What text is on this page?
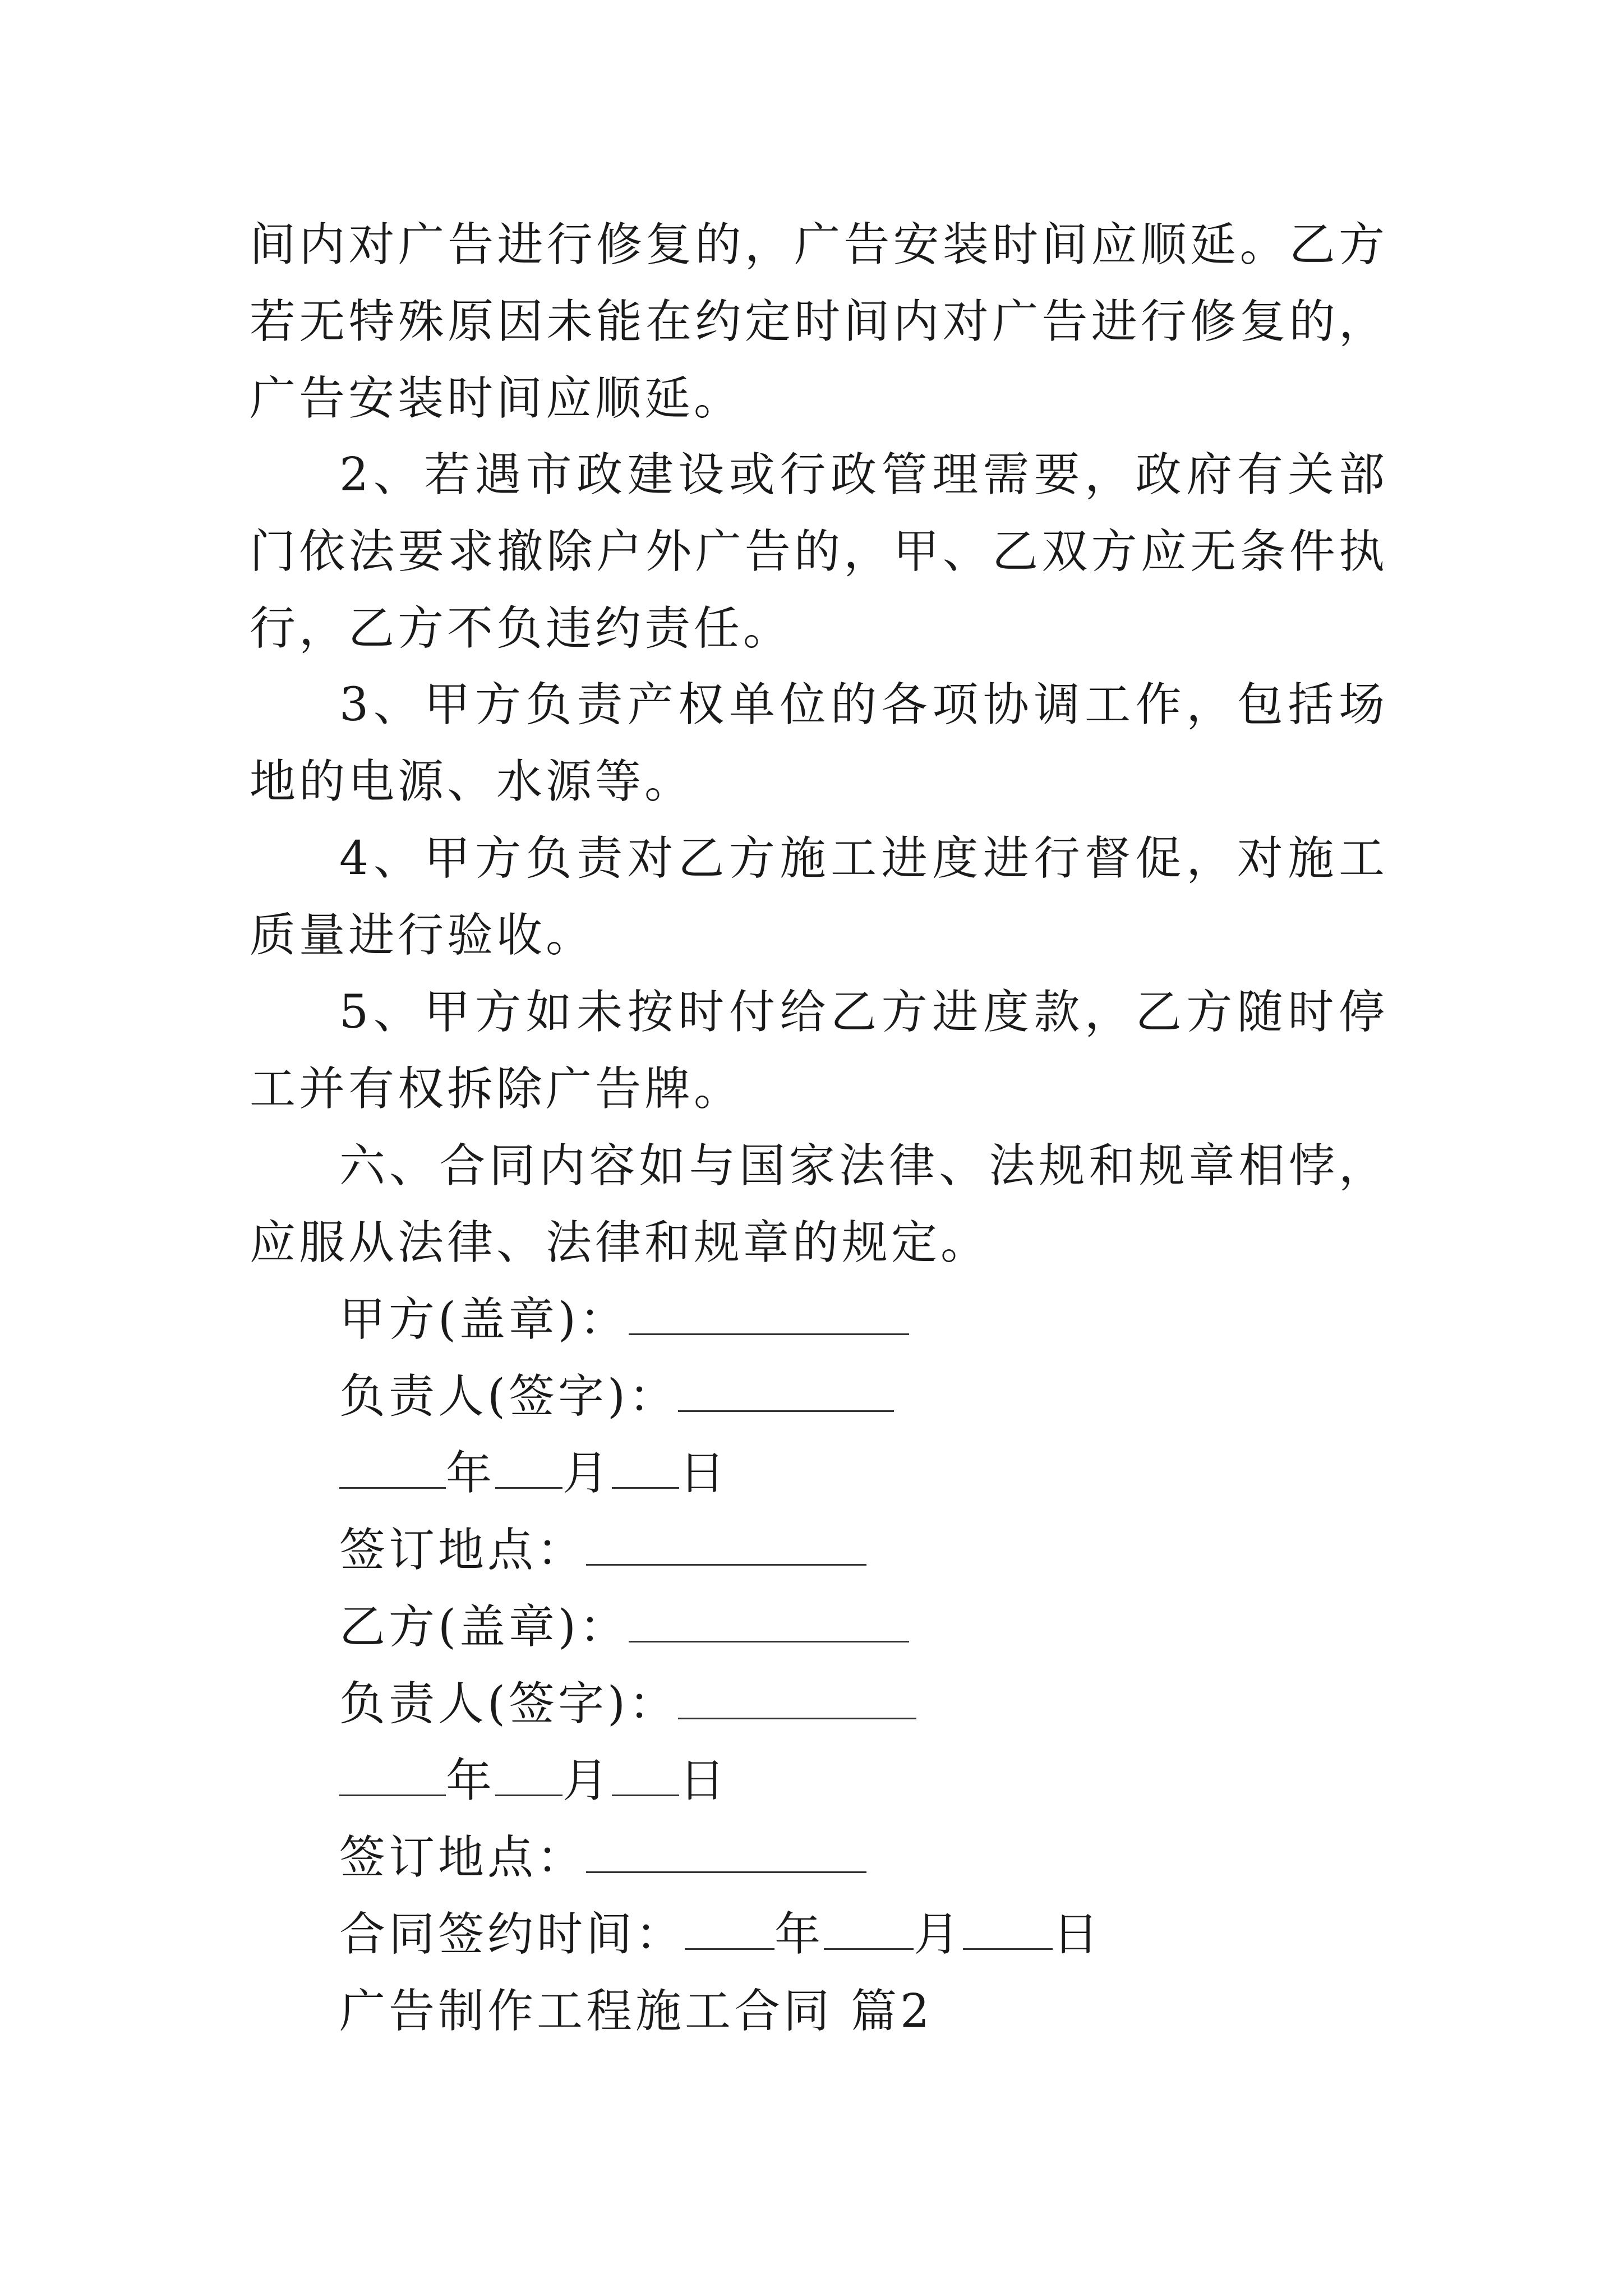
间内对广告进行修复的，广告安装时间应顺延。乙方若无特殊原因未能在约定时间内对广告进行修复的，广告安装时间应顺延。

2、若遇市政建设或行政管理需要，政府有关部门依法要求撤除户外广告的，甲、乙双方应无条件执行，乙方不负违约责任。

3、甲方负责产权单位的各项协调工作，包括场地的电源、水源等。

4、甲方负责对乙方施工进度进行督促，对施工质量进行验收。

5、甲方如未按时付给乙方进度款，乙方随时停工并有权拆除广告牌。

六、合同内容如与国家法律、法规和规章相悖，应服从法律、法律和规章的规定。

甲方(盖章)：

负责人(签字)：

年 月 日

签订地点：

乙方(盖章)：

负责人(签字)：

年 月 日

签订地点：

合同签约时间： 年 月 日

广告制作工程施工合同 篇2
